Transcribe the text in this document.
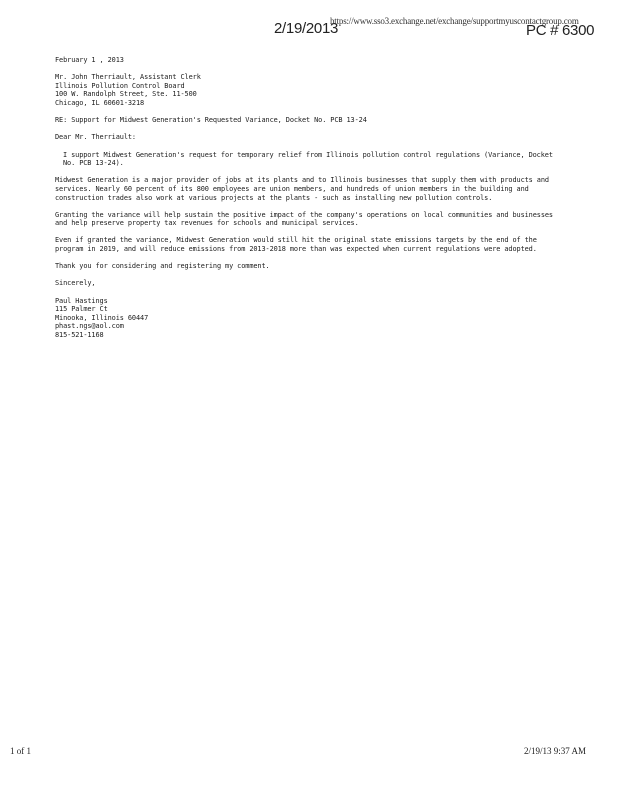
2/19/2013
https://www.sso3.exchange.net/exchange/supportmyuscontactgroup.com
PC # 6300

February 1 , 2013

Mr. John Therriault, Assistant Clerk

Illinois Pollution Control Board

100 W. Randolph Street, Ste. 11-500

Chicago, IL 60601-3218

RE: Support for Midwest Generation's Requested Variance, Docket No. PCB 13-24

Dear Mr. Therriault:

I support Midwest Generation's request for temporary relief from Illinois pollution control regulations (Variance, Docket No. PCB 13-24).

Midwest Generation is a major provider of jobs at its plants and to Illinois businesses that supply them with products and services. Nearly 60 percent of its 800 employees are union members, and hundreds of union members in the building and construction trades also work at various projects at the plants - such as installing new pollution controls.

Granting the variance will help sustain the positive impact of the company's operations on local communities and businesses and help preserve property tax revenues for schools and municipal services.

Even if granted the variance, Midwest Generation would still hit the original state emissions targets by the end of the program in 2019, and will reduce emissions from 2013-2018 more than was expected when current regulations were adopted.

Thank you for considering and registering my comment.

Sincerely,

Paul Hastings

115 Palmer Ct

Minooka, Illinois 60447

phast.ngs@aol.com

815-521-1168

1 of 1	2/19/13 9:37 AM
